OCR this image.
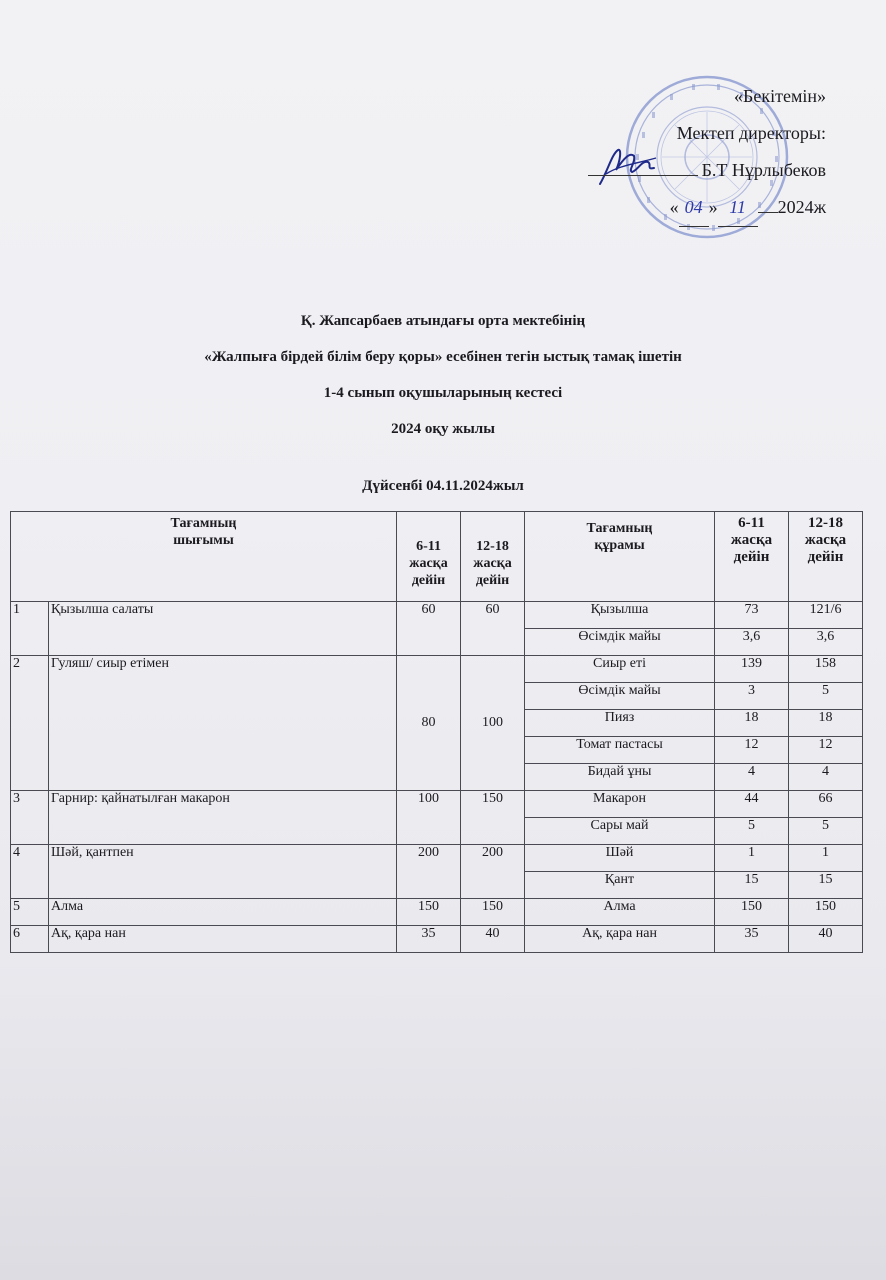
«Бекітемін»
Мектеп директоры:
Б.Т Нұрлыбеков
« 04 » 11 2024ж
Қ. Жапсарбаев атындағы орта мектебінің
«Жалпыға бірдей білім беру қоры» есебінен тегін ыстық тамақ ішетін
1-4 сынып оқушыларының кестесі
2024 оқу жылы
Дүйсенбі 04.11.2024жыл
Тағамның шығымы		6-11 жасқа дейін	12-18 жасқа дейін	Тағамның құрамы	6-11 жасқа дейін	12-18 жасқа дейін
1	Қызылша салаты	60	60	Қызылша	73	121/6
				Өсімдік майы	3,6	3,6
2	Гуляш/ сиыр етімен	80	100	Сиыр еті	139	158
				Өсімдік майы	3	5
				Пияз	18	18
				Томат пастасы	12	12
				Бидай ұны	4	4
3	Гарнир: қайнатылған макарон	100	150	Макарон	44	66
				Сары май	5	5
4	Шәй, қантпен	200	200	Шәй	1	1
				Қант	15	15
5	Алма	150	150	Алма	150	150
6	Ақ, қара нан	35	40	Ақ, қара нан	35	40
